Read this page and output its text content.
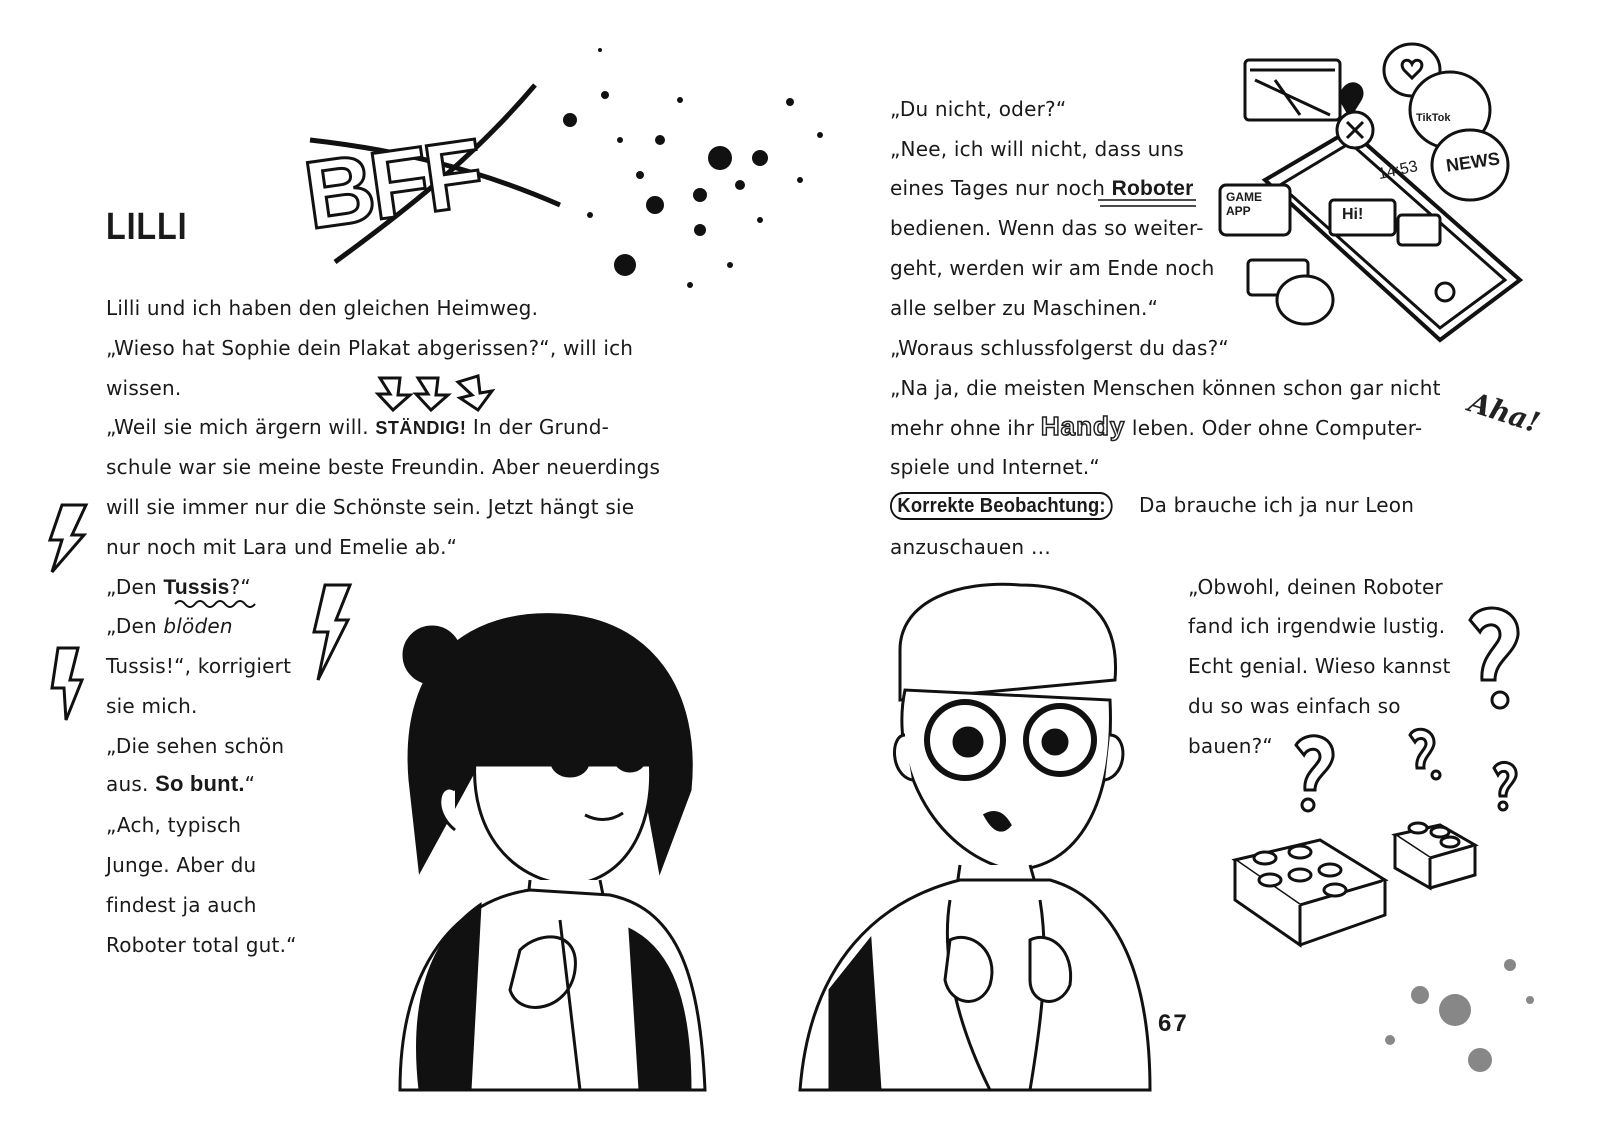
BFF
LILLI
Lilli und ich haben den gleichen Heimweg.
„Wieso hat Sophie dein Plakat abgerissen?“, will ich
wissen.
„Weil sie mich ärgern will. STÄNDIG! In der Grund-
schule war sie meine beste Freundin. Aber neuerdings
will sie immer nur die Schönste sein. Jetzt hängt sie
nur noch mit Lara und Emelie ab.“
„Den Tussis?“
„Den blöden
Tussis!“, korrigiert
sie mich.
„Die sehen schön
aus. So bunt.“
„Ach, typisch
Junge. Aber du
findest ja auch
Roboter total gut.“
„Du nicht, oder?“
„Nee, ich will nicht, dass uns
eines Tages nur noch Roboter
bedienen. Wenn das so weiter-
geht, werden wir am Ende noch
alle selber zu Maschinen.“
„Woraus schlussfolgerst du das?“
„Na ja, die meisten Menschen können schon gar nicht
mehr ohne ihr Handy leben. Oder ohne Computer-
spiele und Internet.“
Korrekte Beobachtung: Da brauche ich ja nur Leon
anzuschauen …
„Obwohl, deinen Roboter
fand ich irgendwie lustig.
Echt genial. Wieso kannst
du so was einfach so
bauen?“
14:53
GAME APP	Hi!
NEWS
TikTok
Aha!
67
